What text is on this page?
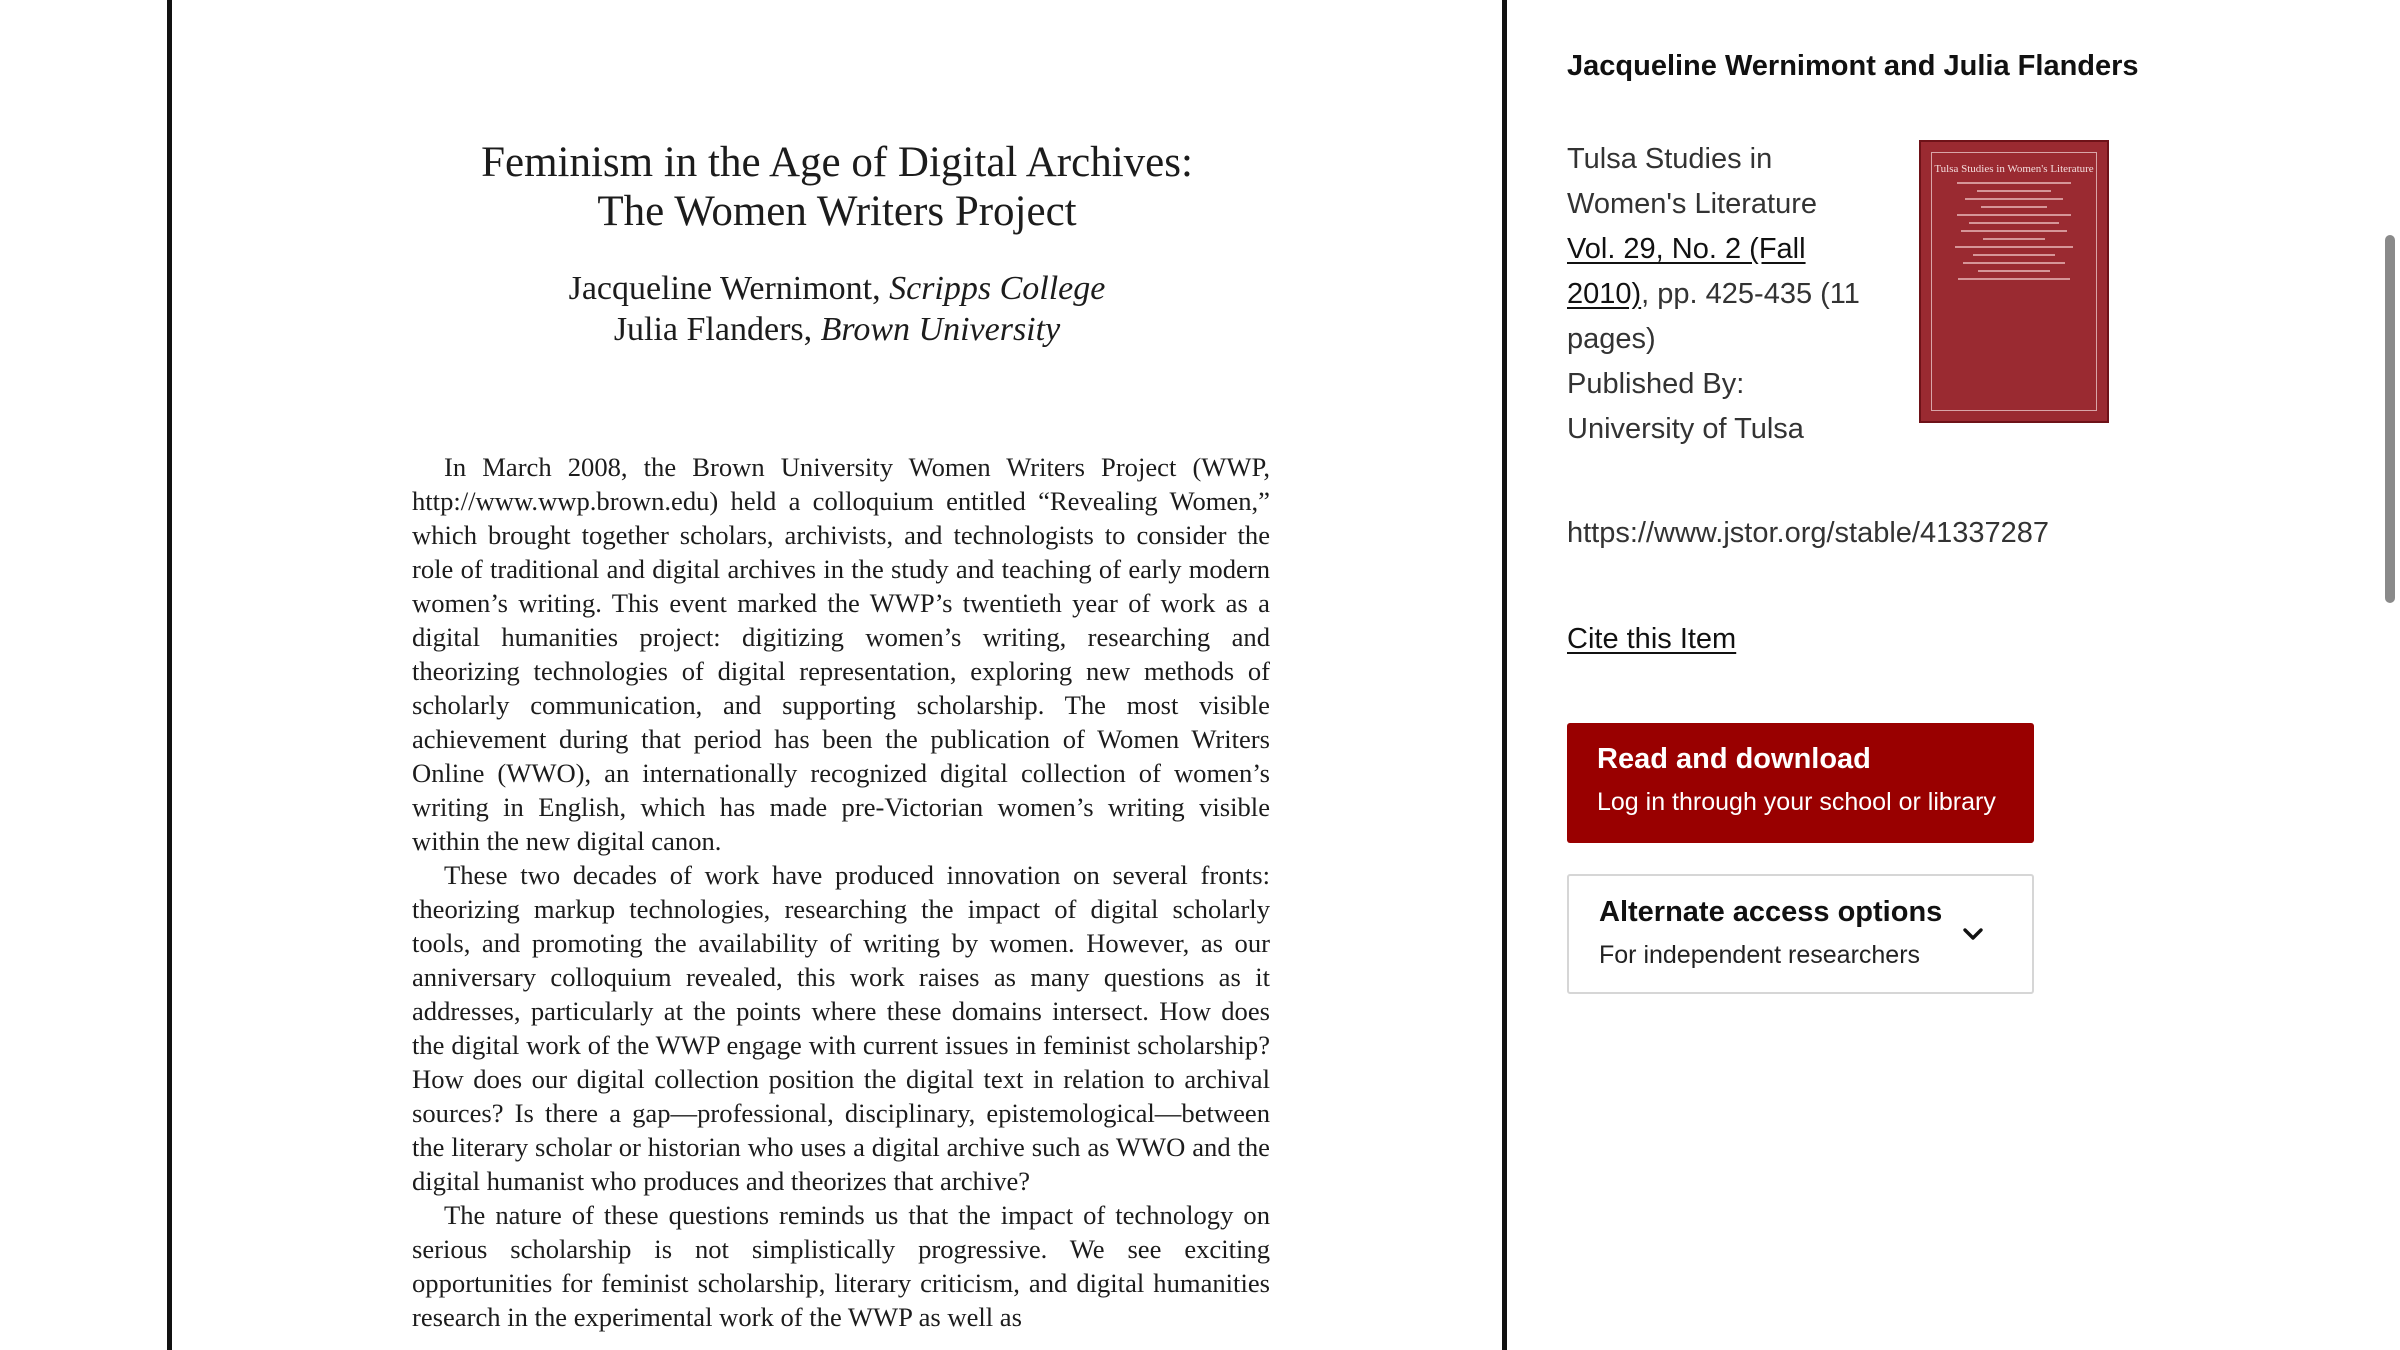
Feminism in the Age of Digital Archives:
The Women Writers Project
Jacqueline Wernimont, Scripps College
Julia Flanders, Brown University

In March 2008, the Brown University Women Writers Project (WWP, http://www.wwp.brown.edu) held a colloquium entitled “Revealing Women,” which brought together scholars, archivists, and technologists to consider the role of traditional and digital archives in the study and teaching of early modern women’s writing. This event marked the WWP’s twentieth year of work as a digital humanities project: digitizing women’s writing, researching and theorizing technologies of digital representation, exploring new methods of scholarly communication, and supporting scholarship. The most visible achievement during that period has been the publication of Women Writers Online (WWO), an internationally recognized digital collection of women’s writing in English, which has made pre-Victorian women’s writing visible within the new digital canon.

These two decades of work have produced innovation on several fronts: theorizing markup technologies, researching the impact of digital scholarly tools, and promoting the availability of writing by women. However, as our anniversary colloquium revealed, this work raises as many questions as it addresses, particularly at the points where these domains intersect. How does the digital work of the WWP engage with current issues in feminist scholarship? How does our digital collection position the digital text in relation to archival sources? Is there a gap—professional, disciplinary, epistemological—between the literary scholar or historian who uses a digital archive such as WWO and the digital humanist who produces and theorizes that archive?

The nature of these questions reminds us that the impact of technology on serious scholarship is not simplistically progressive. We see exciting opportunities for feminist scholarship, literary criticism, and digital humanities research in the experimental work of the WWP as well as

Jacqueline Wernimont and Julia Flanders
Tulsa Studies in
Women's Literature
Vol. 29, No. 2 (Fall
2010), pp. 425-435 (11
pages)
Published By:
University of Tulsa
Tulsa Studies in Women's Literature
https://www.jstor.org/stable/41337287
Cite this Item
Read and download
Log in through your school or library
Alternate access options
For independent researchers
